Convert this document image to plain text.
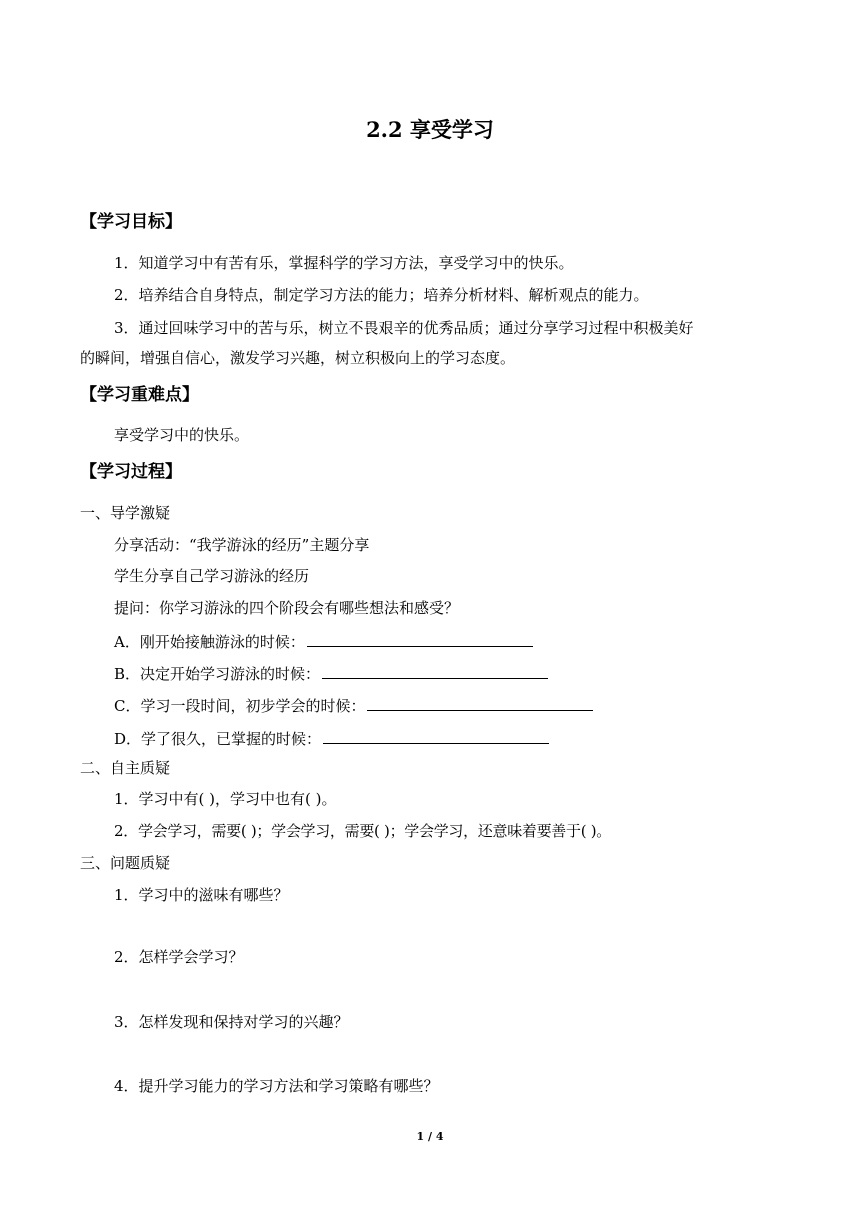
2.2 享受学习
【学习目标】
1．知道学习中有苦有乐，掌握科学的学习方法，享受学习中的快乐。
2．培养结合自身特点，制定学习方法的能力；培养分析材料、解析观点的能力。
3．通过回味学习中的苦与乐，树立不畏艰辛的优秀品质；通过分享学习过程中积极美好
的瞬间，增强自信心，激发学习兴趣，树立积极向上的学习态度。
【学习重难点】
享受学习中的快乐。
【学习过程】
一、导学激疑
分享活动：“我学游泳的经历”主题分享
学生分享自己学习游泳的经历
提问：你学习游泳的四个阶段会有哪些想法和感受？
A．刚开始接触游泳的时候：
B．决定开始学习游泳的时候：
C．学习一段时间，初步学会的时候：
D．学了很久，已掌握的时候：
二、自主质疑
1．学习中有( )，学习中也有( )。
2．学会学习，需要( )；学会学习，需要( )；学会学习，还意味着要善于( )。
三、问题质疑
1．学习中的滋味有哪些？
2．怎样学会学习？
3．怎样发现和保持对学习的兴趣？
4．提升学习能力的学习方法和学习策略有哪些？
1 / 4
